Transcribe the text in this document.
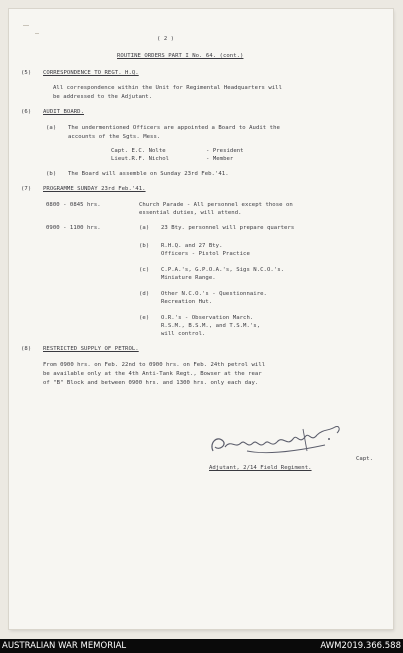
( 2 )
ROUTINE ORDERS PART I No. 64. (cont.)
(5) CORRESPONDENCE TO REGT. H.Q.
All correspondence within the Unit for Regimental Headquarters will
be addressed to the Adjutant.
(6) AUDIT BOARD.
(a) The undermentioned Officers are appointed a Board to Audit the
accounts of the Sgts. Mess.
Capt. E.C. Nolte	- President
Lieut.R.F. Nichol	- Member
(b) The Board will assemble on Sunday 23rd Feb.'41.
(7) PROGRAMME SUNDAY 23rd Feb.'41.
0800 - 0845 hrs.	Church Parade - All personnel except those on
essential duties, will attend.
0900 - 1100 hrs.	(a) 23 Bty. personnel will prepare quarters
(b) R.H.Q. and 27 Bty.
Officers - Pistol Practice
(c) C.P.A.'s, G.P.O.A.'s, Sigs N.C.O.'s.
Miniature Range.
(d) Other N.C.O.'s - Questionnaire.
Recreation Hut.
(e) O.R.'s - Observation March.
R.S.M., B.S.M., and T.S.M.'s,
will control.
(8) RESTRICTED SUPPLY OF PETROL.
From 0900 hrs. on Feb. 22nd to 0900 hrs. on Feb. 24th petrol will
be available only at the 4th Anti-Tank Regt., Bowser at the rear
of "B" Block and between 0900 hrs. and 1300 hrs. only each day.
Capt.
Adjutant, 2/14 Field Regiment.
AUSTRALIAN WAR MEMORIAL	AWM2019.366.588
